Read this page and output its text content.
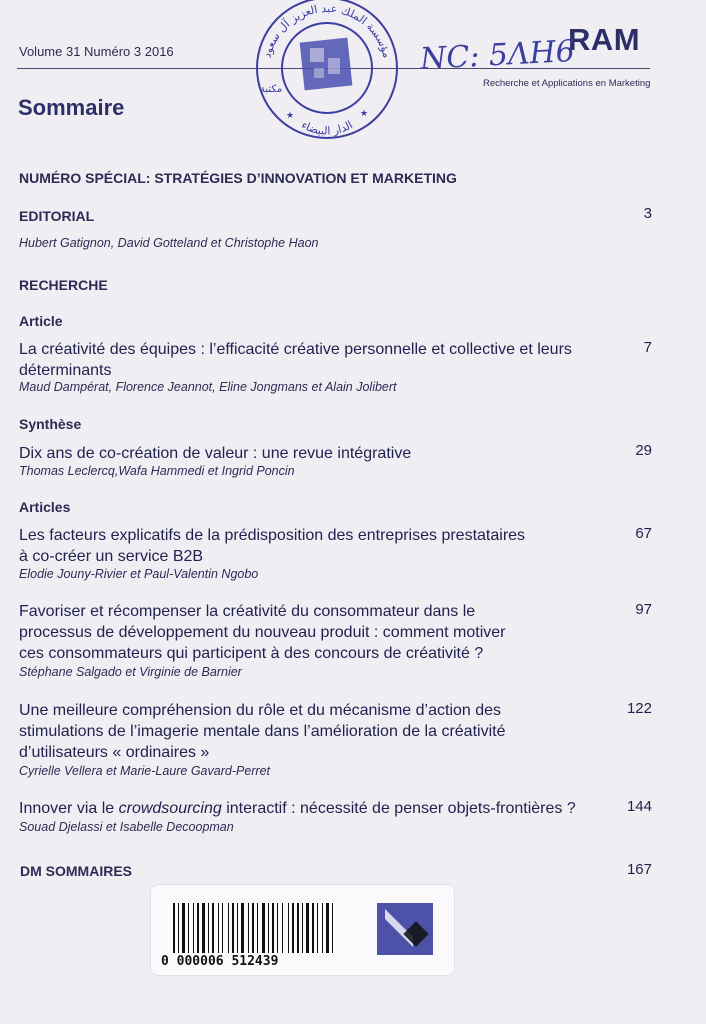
Volume 31 Numéro 3 2016	RAM
Recherche et Applications en Marketing
NC: 5ΛΗ6
مؤسسة الملك عبد العزيز آل سعود
الدار البيضاء
مكتبة
★	★
Sommaire
NUMÉRO SPÉCIAL: STRATÉGIES D’INNOVATION ET MARKETING
EDITORIAL	3
Hubert Gatignon, David Gotteland et Christophe Haon
RECHERCHE
Article
La créativité des équipes : l’efficacité créative personnelle et collective et leurs
déterminants
7
Maud Dampérat, Florence Jeannot, Eline Jongmans et Alain Jolibert
Synthèse
Dix ans de co-création de valeur : une revue intégrative	29
Thomas Leclercq,Wafa Hammedi et Ingrid Poncin
Articles
Les facteurs explicatifs de la prédisposition des entreprises prestataires
à co-créer un service B2B
67
Elodie Jouny-Rivier et Paul-Valentin Ngobo
Favoriser et récompenser la créativité du consommateur dans le
processus de développement du nouveau produit : comment motiver
ces consommateurs qui participent à des concours de créativité ?
97
Stéphane Salgado et Virginie de Barnier
Une meilleure compréhension du rôle et du mécanisme d’action des
stimulations de l’imagerie mentale dans l’amélioration de la créativité
d’utilisateurs « ordinaires »
122
Cyrielle Vellera et Marie-Laure Gavard-Perret
Innover via le crowdsourcing interactif : nécessité de penser objets-frontières ?	144
Souad Djelassi et Isabelle Decoopman
DM SOMMAIRES	167
0 000006 512439
